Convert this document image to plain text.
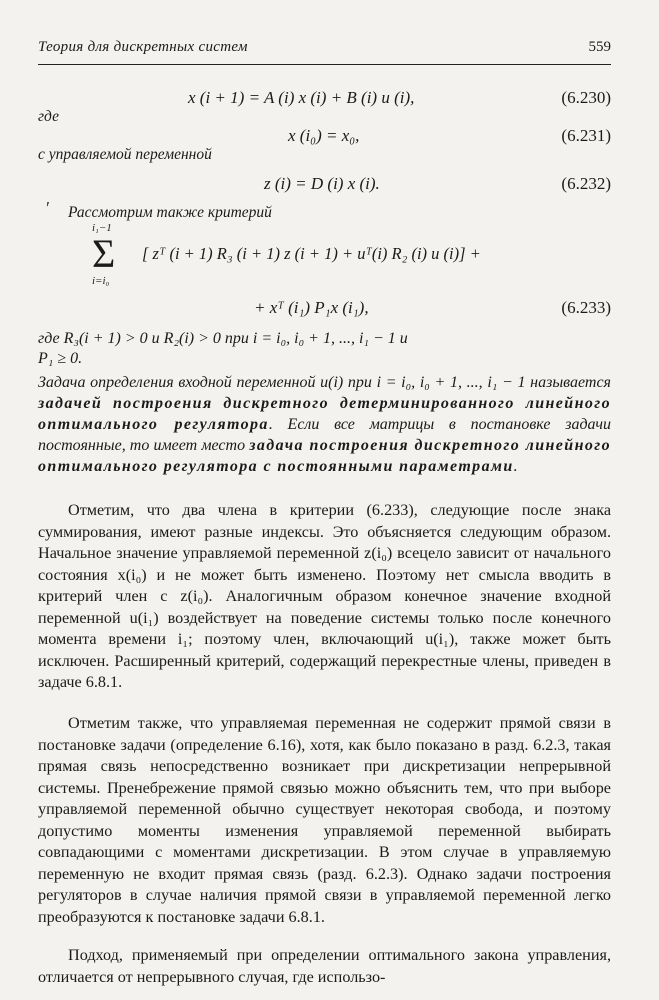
Теория для дискретных систем	559
x (i + 1) = A (i) x (i) + B (i) u (i),	(6.230)
где
x (i₀) = x₀,	(6.231)
с управляемой переменной
z (i) = D (i) x (i).	(6.232)
′ Рассмотрим также критерий
i₁−1
Σ
i=i₀
[ zᵀ (i + 1) R₃ (i + 1) z (i + 1) + uᵀ(i) R₂ (i) u (i)] +
+ xᵀ (i₁) P₁x (i₁),	(6.233)
где R₃(i + 1) > 0 и R₂(i) > 0 при i = i₀, i₀ + 1, ..., i₁ − 1 и
P₁ ≥ 0.

Задача определения входной переменной u(i) при i = i₀, i₀ + 1, ..., i₁ − 1 называется задачей построения дискретного детерминированного линейного оптимального регулятора. Если все матрицы в постановке задачи постоянные, то имеет место задача построения дискретного линейного оптимального регулятора с постоянными параметрами.

Отметим, что два члена в критерии (6.233), следующие после знака суммирования, имеют разные индексы. Это объясняется следующим образом. Начальное значение управляемой переменной z(i₀) всецело зависит от начального состояния x(i₀) и не может быть изменено. Поэтому нет смысла вводить в критерий член с z(i₀). Аналогичным образом конечное значение входной переменной u(i₁) воздействует на поведение системы только после конечного момента времени i₁; поэтому член, включающий u(i₁), также может быть исключен. Расширенный критерий, содержащий перекрестные члены, приведен в задаче 6.8.1.
Отметим также, что управляемая переменная не содержит прямой связи в постановке задачи (определение 6.16), хотя, как было показано в разд. 6.2.3, такая прямая связь непосредственно возникает при дискретизации непрерывной системы. Пренебрежение прямой связью можно объяснить тем, что при выборе управляемой переменной обычно существует некоторая свобода, и поэтому допустимо моменты изменения управляемой переменной выбирать совпадающими с моментами дискретизации. В этом случае в управляемую переменную не входит прямая связь (разд. 6.2.3). Однако задачи построения регуляторов в случае наличия прямой связи в управляемой переменной легко преобразуются к постановке задачи 6.8.1.
Подход, применяемый при определении оптимального закона управления, отличается от непрерывного случая, где использо-
